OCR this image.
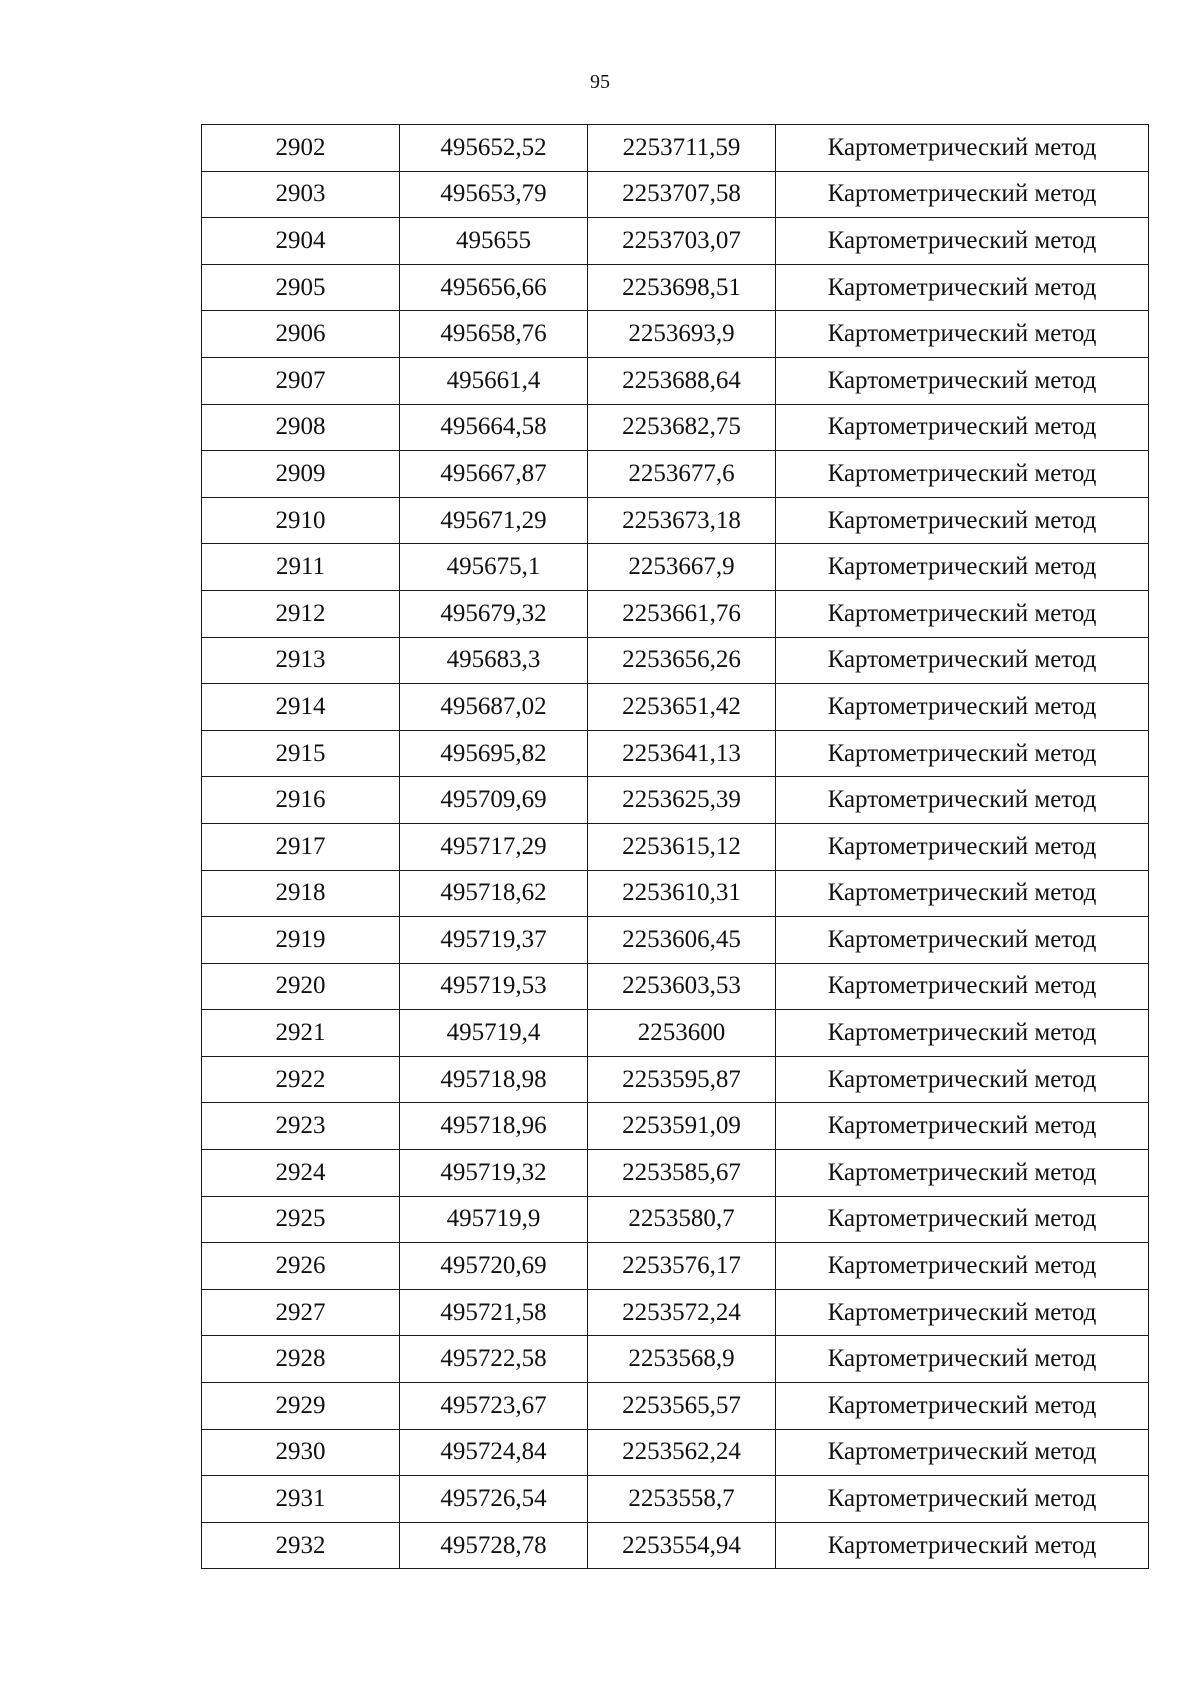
95
2902	495652,52	2253711,59	Картометрический метод
2903	495653,79	2253707,58	Картометрический метод
2904	495655	2253703,07	Картометрический метод
2905	495656,66	2253698,51	Картометрический метод
2906	495658,76	2253693,9	Картометрический метод
2907	495661,4	2253688,64	Картометрический метод
2908	495664,58	2253682,75	Картометрический метод
2909	495667,87	2253677,6	Картометрический метод
2910	495671,29	2253673,18	Картометрический метод
2911	495675,1	2253667,9	Картометрический метод
2912	495679,32	2253661,76	Картометрический метод
2913	495683,3	2253656,26	Картометрический метод
2914	495687,02	2253651,42	Картометрический метод
2915	495695,82	2253641,13	Картометрический метод
2916	495709,69	2253625,39	Картометрический метод
2917	495717,29	2253615,12	Картометрический метод
2918	495718,62	2253610,31	Картометрический метод
2919	495719,37	2253606,45	Картометрический метод
2920	495719,53	2253603,53	Картометрический метод
2921	495719,4	2253600	Картометрический метод
2922	495718,98	2253595,87	Картометрический метод
2923	495718,96	2253591,09	Картометрический метод
2924	495719,32	2253585,67	Картометрический метод
2925	495719,9	2253580,7	Картометрический метод
2926	495720,69	2253576,17	Картометрический метод
2927	495721,58	2253572,24	Картометрический метод
2928	495722,58	2253568,9	Картометрический метод
2929	495723,67	2253565,57	Картометрический метод
2930	495724,84	2253562,24	Картометрический метод
2931	495726,54	2253558,7	Картометрический метод
2932	495728,78	2253554,94	Картометрический метод
